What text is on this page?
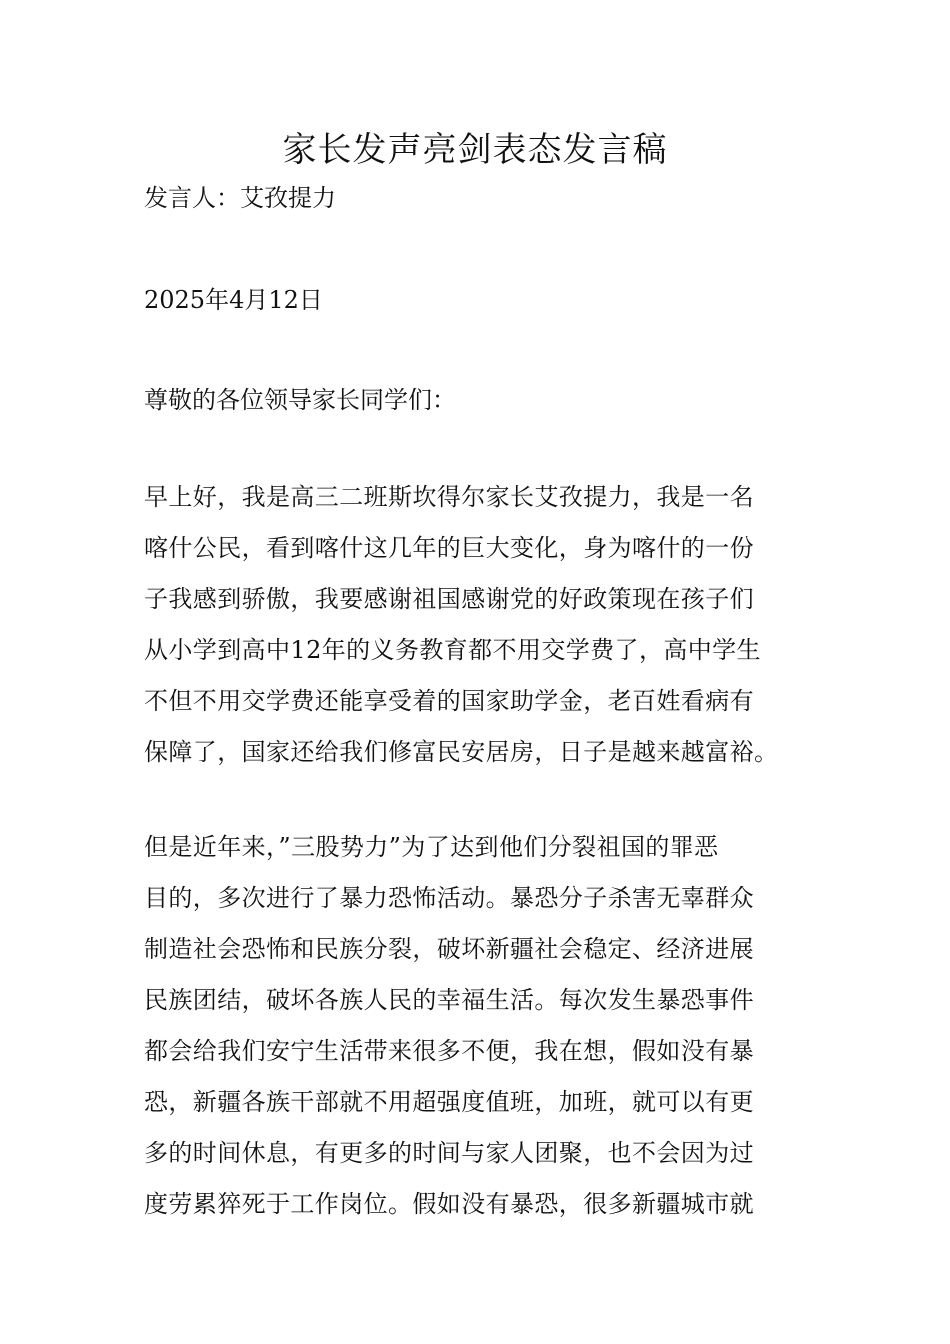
家长发声亮剑表态发言稿

发言人：艾孜提力

2025年4月12日

尊敬的各位领导家长同学们：

早上好，我是高三二班斯坎得尔家长艾孜提力，我是一名
喀什公民，看到喀什这几年的巨大变化，身为喀什的一份
子我感到骄傲，我要感谢祖国感谢党的好政策现在孩子们
从小学到高中12年的义务教育都不用交学费了，高中学生
不但不用交学费还能享受着的国家助学金，老百姓看病有
保障了，国家还给我们修富民安居房，日子是越来越富裕。
但是近年来，”三股势力”为了达到他们分裂祖国的罪恶
目的，多次进行了暴力恐怖活动。暴恐分子杀害无辜群众
制造社会恐怖和民族分裂，破坏新疆社会稳定、经济进展
民族团结，破坏各族人民的幸福生活。每次发生暴恐事件
都会给我们安宁生活带来很多不便，我在想，假如没有暴
恐，新疆各族干部就不用超强度值班，加班，就可以有更
多的时间休息，有更多的时间与家人团聚，也不会因为过
度劳累猝死于工作岗位。假如没有暴恐，很多新疆城市就
